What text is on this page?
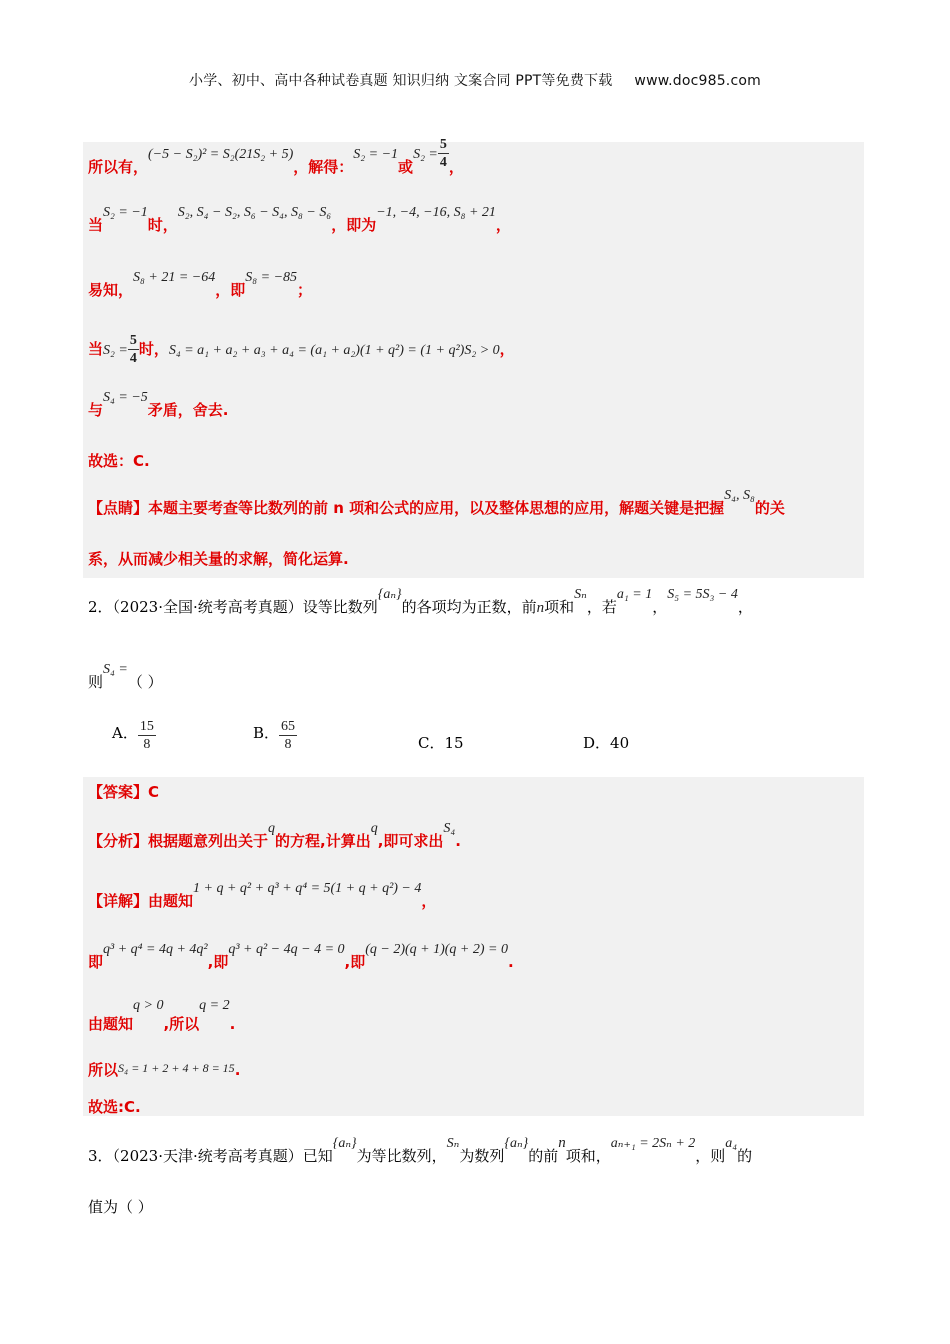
小学、初中、高中各种试卷真题 知识归纳 文案合同 PPT等免费下载 www.doc985.com
所以有，(−5 − S₂)² = S₂(21S₂ + 5)，解得：S₂ = −1或$S_2 = \frac{5}{4}$ ，
当S₂ = −1时，S₂, S₄ − S₂, S₆ − S₄, S₈ − S₆，即为−1, −4, −16, S₈ + 21，
易知，S₈ + 21 = −64，即S₈ = −85；
当$S_2 = \frac{5}{4}$ 时，S₄ = a₁ + a₂ + a₃ + a₄ = (a₁ + a₂)(1 + q²) = (1 + q²)S₂ > 0，
与S₄ = −5矛盾，舍去.
故选：C.
【点睛】本题主要考查等比数列的前 n 项和公式的应用，以及整体思想的应用，解题关键是把握S₄, S₈的关
系，从而减少相关量的求解，简化运算.
2．（2023·全国·统考高考真题）设等比数列{aₙ}的各项均为正数，前n项和Sₙ，若a₁ = 1，S₅ = 5S₃ − 4，
则S₄ =（ ）
A． $\frac{15}{8}$	B． $\frac{65}{8}$	C．15	D．40
【答案】C
【分析】根据题意列出关于q的方程,计算出q,即可求出S₄.
【详解】由题知1 + q + q² + q³ + q⁴ = 5(1 + q + q²) − 4，
即q³ + q⁴ = 4q + 4q²,即q³ + q² − 4q − 4 = 0,即(q − 2)(q + 1)(q + 2) = 0.
由题知q > 0,所以q = 2.
所以S₄ = 1 + 2 + 4 + 8 = 15.
故选:C.
3．（2023·天津·统考高考真题）已知{aₙ}为等比数列，Sₙ为数列{aₙ}的前n项和，aₙ₊₁ = 2Sₙ + 2，则a₄的
值为（ ）
